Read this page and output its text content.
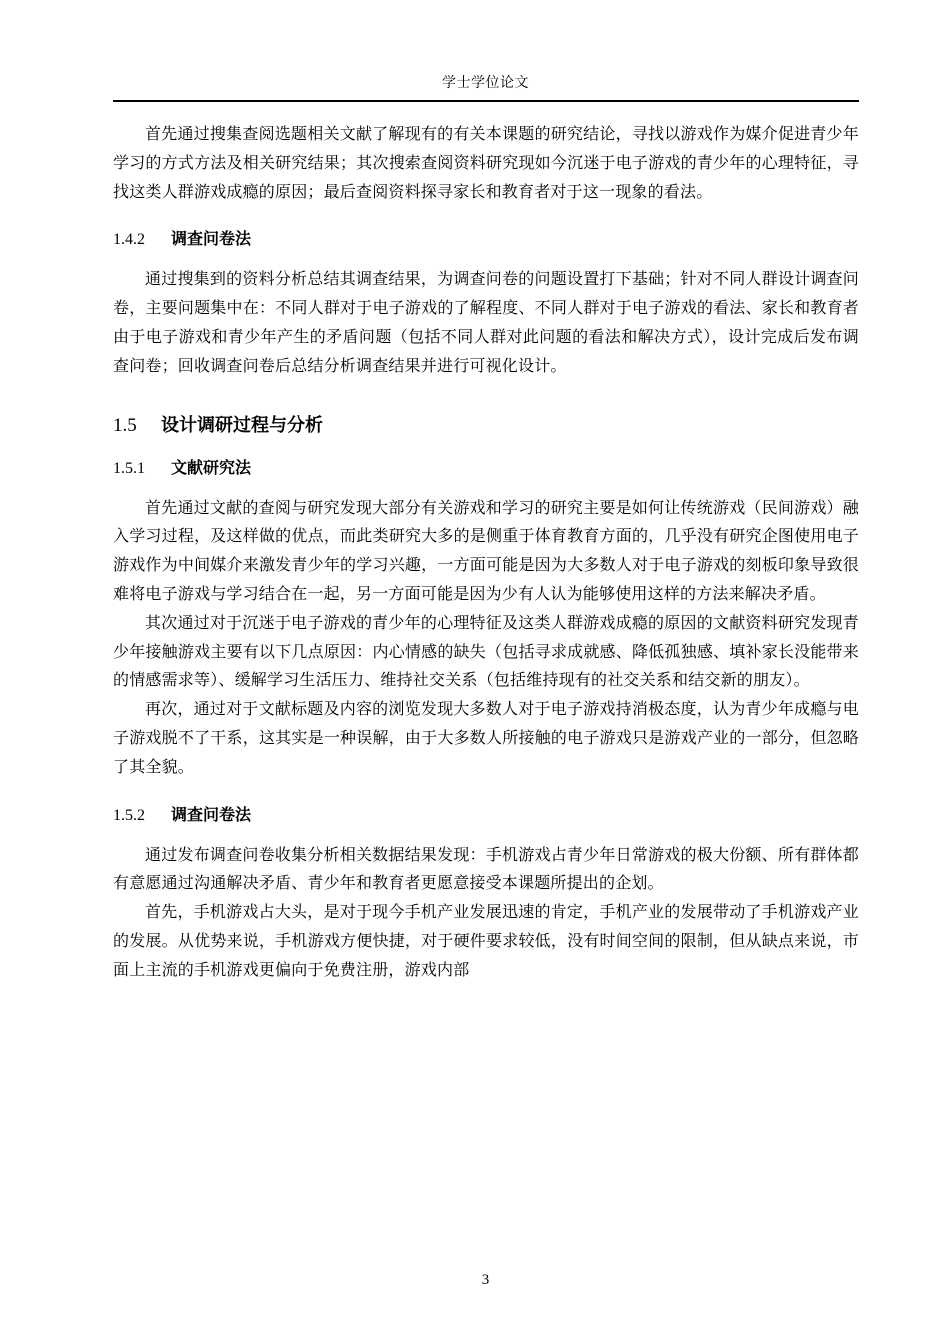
学士学位论文

首先通过搜集查阅选题相关文献了解现有的有关本课题的研究结论，寻找以游戏作为媒介促进青少年学习的方式方法及相关研究结果；其次搜索查阅资料研究现如今沉迷于电子游戏的青少年的心理特征，寻找这类人群游戏成瘾的原因；最后查阅资料探寻家长和教育者对于这一现象的看法。

1.4.2 调查问卷法

通过搜集到的资料分析总结其调查结果，为调查问卷的问题设置打下基础；针对不同人群设计调查问卷，主要问题集中在：不同人群对于电子游戏的了解程度、不同人群对于电子游戏的看法、家长和教育者由于电子游戏和青少年产生的矛盾问题（包括不同人群对此问题的看法和解决方式），设计完成后发布调查问卷；回收调查问卷后总结分析调查结果并进行可视化设计。

1.5 设计调研过程与分析
1.5.1 文献研究法

首先通过文献的查阅与研究发现大部分有关游戏和学习的研究主要是如何让传统游戏（民间游戏）融入学习过程，及这样做的优点，而此类研究大多的是侧重于体育教育方面的，几乎没有研究企图使用电子游戏作为中间媒介来激发青少年的学习兴趣，一方面可能是因为大多数人对于电子游戏的刻板印象导致很难将电子游戏与学习结合在一起，另一方面可能是因为少有人认为能够使用这样的方法来解决矛盾。

其次通过对于沉迷于电子游戏的青少年的心理特征及这类人群游戏成瘾的原因的文献资料研究发现青少年接触游戏主要有以下几点原因：内心情感的缺失（包括寻求成就感、降低孤独感、填补家长没能带来的情感需求等）、缓解学习生活压力、维持社交关系（包括维持现有的社交关系和结交新的朋友）。

再次，通过对于文献标题及内容的浏览发现大多数人对于电子游戏持消极态度，认为青少年成瘾与电子游戏脱不了干系，这其实是一种误解，由于大多数人所接触的电子游戏只是游戏产业的一部分，但忽略了其全貌。

1.5.2 调查问卷法

通过发布调查问卷收集分析相关数据结果发现：手机游戏占青少年日常游戏的极大份额、所有群体都有意愿通过沟通解决矛盾、青少年和教育者更愿意接受本课题所提出的企划。

首先，手机游戏占大头，是对于现今手机产业发展迅速的肯定，手机产业的发展带动了手机游戏产业的发展。从优势来说，手机游戏方便快捷，对于硬件要求较低，没有时间空间的限制，但从缺点来说，市面上主流的手机游戏更偏向于免费注册，游戏内部

3
